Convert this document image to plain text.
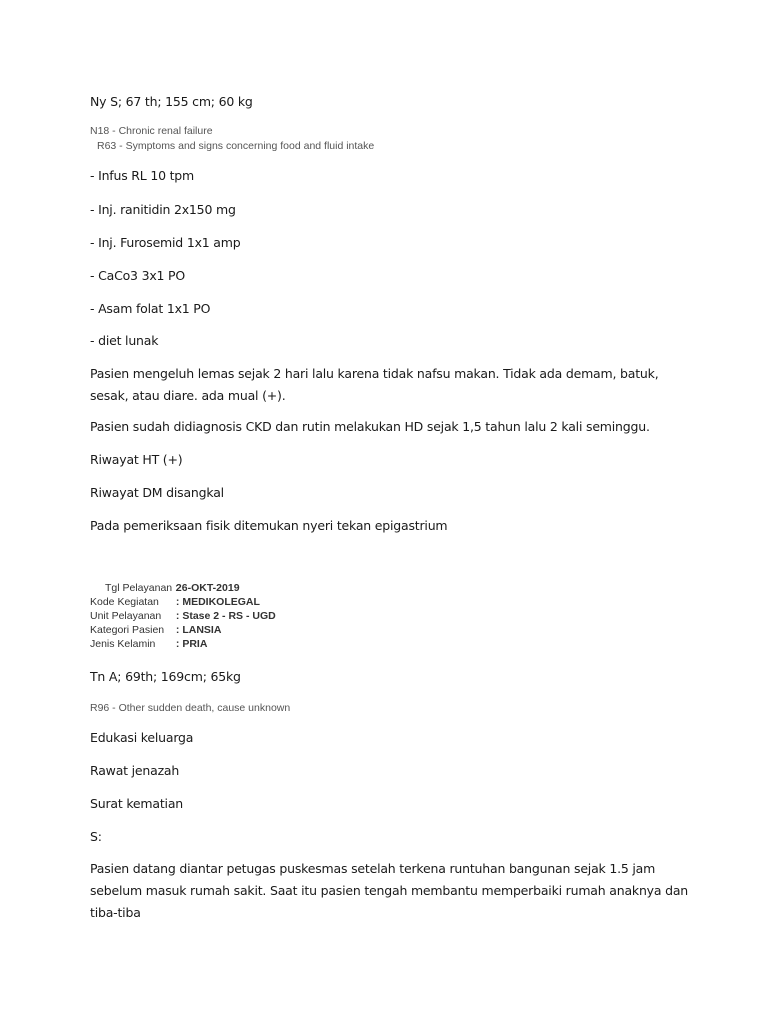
Ny S; 67 th; 155 cm; 60 kg
N18 - Chronic renal failure
R63 - Symptoms and signs concerning food and fluid intake
- Infus RL 10 tpm
- Inj. ranitidin 2x150 mg
- Inj. Furosemid 1x1 amp
- CaCo3 3x1 PO
- Asam folat 1x1 PO
- diet lunak
Pasien mengeluh lemas sejak 2 hari lalu karena tidak nafsu makan. Tidak ada demam, batuk, sesak, atau diare. ada mual (+).
Pasien sudah didiagnosis CKD dan rutin melakukan HD sejak 1,5 tahun lalu 2 kali seminggu.
Riwayat HT (+)
Riwayat DM disangkal
Pada pemeriksaan fisik ditemukan nyeri tekan epigastrium
Tgl Pelayanan : 26-OKT-2019
Kode Kegiatan : MEDIKOLEGAL
Unit Pelayanan : Stase 2 - RS - UGD
Kategori Pasien : LANSIA
Jenis Kelamin : PRIA
Tn A; 69th; 169cm; 65kg
R96 - Other sudden death, cause unknown
Edukasi keluarga
Rawat jenazah
Surat kematian
S:
Pasien datang diantar petugas puskesmas setelah terkena runtuhan bangunan sejak 1.5 jam sebelum masuk rumah sakit. Saat itu pasien tengah membantu memperbaiki rumah anaknya dan tiba-tiba
